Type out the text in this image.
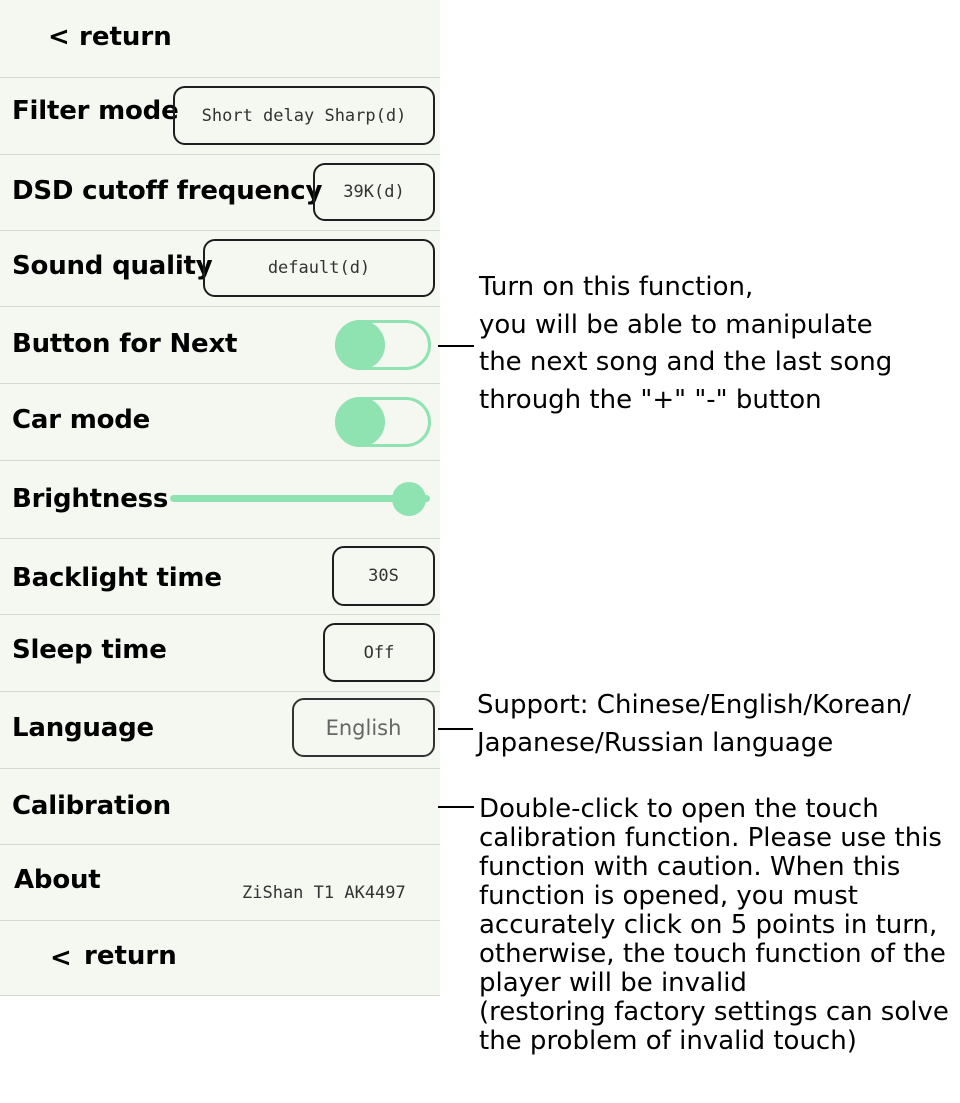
< return
Filter mode	Short delay Sharp(d)
DSD cutoff frequency	39K(d)
Sound quality	default(d)
Button for Next
Car mode
Brightness
Backlight time	30S
Sleep time	Off
Language	English
Calibration
About	ZiShan T1 AK4497
< return
Turn on this function,
you will be able to manipulate
the next song and the last song
through the "+" "-" button
Support: Chinese/English/Korean/
Japanese/Russian language
Double-click to open the touch
calibration function. Please use this
function with caution. When this
function is opened, you must
accurately click on 5 points in turn,
otherwise, the touch function of the
player will be invalid
(restoring factory settings can solve
the problem of invalid touch)
